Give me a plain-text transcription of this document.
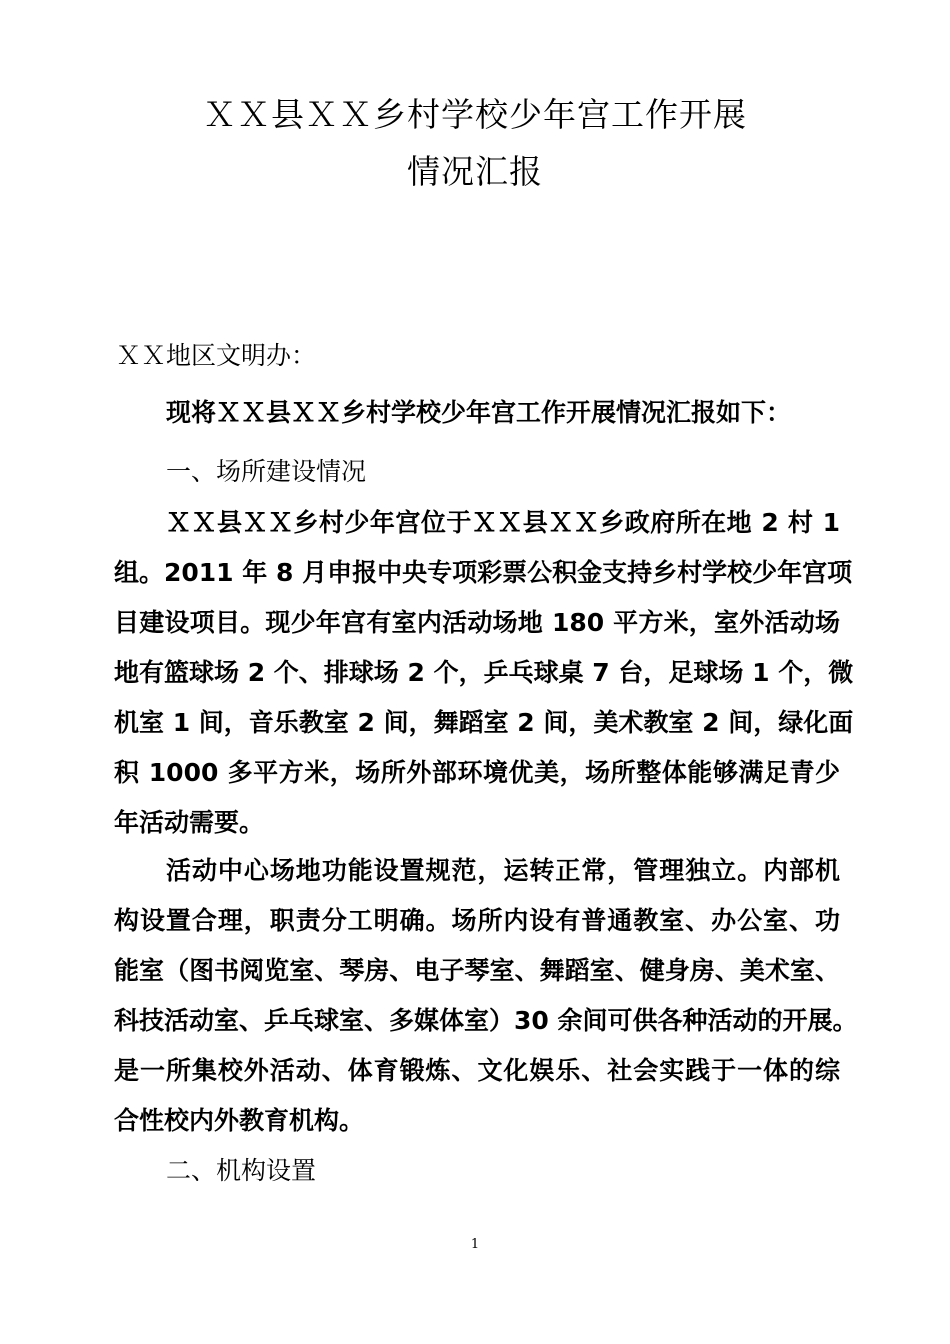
ＸＸ县ＸＸ乡村学校少年宫工作开展
情况汇报
ＸＸ地区文明办：
现将ＸＸ县ＸＸ乡村学校少年宫工作开展情况汇报如下：
一、场所建设情况
ＸＸ县ＸＸ乡村少年宫位于ＸＸ县ＸＸ乡政府所在地 2 村 1
组。2011 年 8 月申报中央专项彩票公积金支持乡村学校少年宫项
目建设项目。现少年宫有室内活动场地 180 平方米，室外活动场
地有篮球场 2 个、排球场 2 个，乒乓球桌 7 台，足球场 1 个，微
机室 1 间，音乐教室 2 间，舞蹈室 2 间，美术教室 2 间，绿化面
积 1000 多平方米，场所外部环境优美，场所整体能够满足青少
年活动需要。
活动中心场地功能设置规范，运转正常，管理独立。内部机
构设置合理，职责分工明确。场所内设有普通教室、办公室、功
能室（图书阅览室、琴房、电子琴室、舞蹈室、健身房、美术室、
科技活动室、乒乓球室、多媒体室）30 余间可供各种活动的开展。
是一所集校外活动、体育锻炼、文化娱乐、社会实践于一体的综
合性校内外教育机构。
二、机构设置
1
